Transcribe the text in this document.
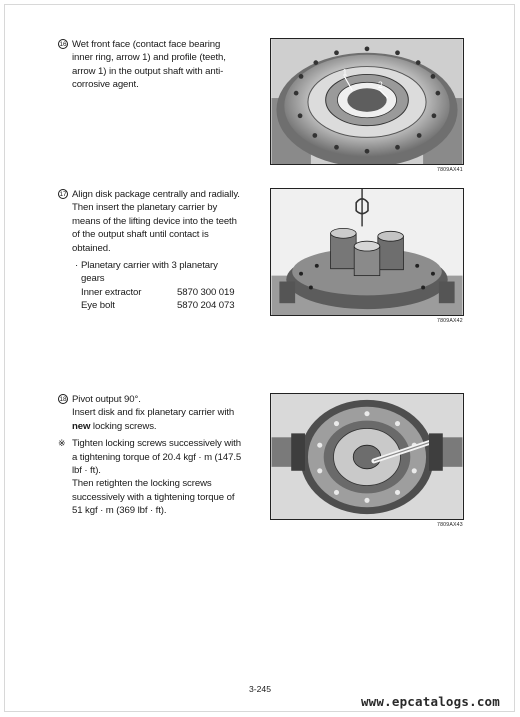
16 Wet front face (contact face bearing
inner ring, arrow 1) and profile (teeth,
arrow 1) in the output shaft with anti-
corrosive agent.
1
2
7809AX41
17 Align disk package centrally and radially.
Then insert the planetary carrier by
means of the lifting device into the teeth
of the output shaft until contact is
obtained.
· Planetary carrier with 3 planetary
gears
Inner extractor	5870 300 019
Eye bolt	5870 204 073
7809AX42
18 Pivot output 90°.
Insert disk and fix planetary carrier with
new locking screws.
※ Tighten locking screws successively with
a tightening torque of 20.4 kgf · m (147.5
lbf · ft).
Then retighten the locking screws
successively with a tightening torque of
51 kgf · m (369 lbf · ft).
7809AX43
3-245
www.epcatalogs.com
